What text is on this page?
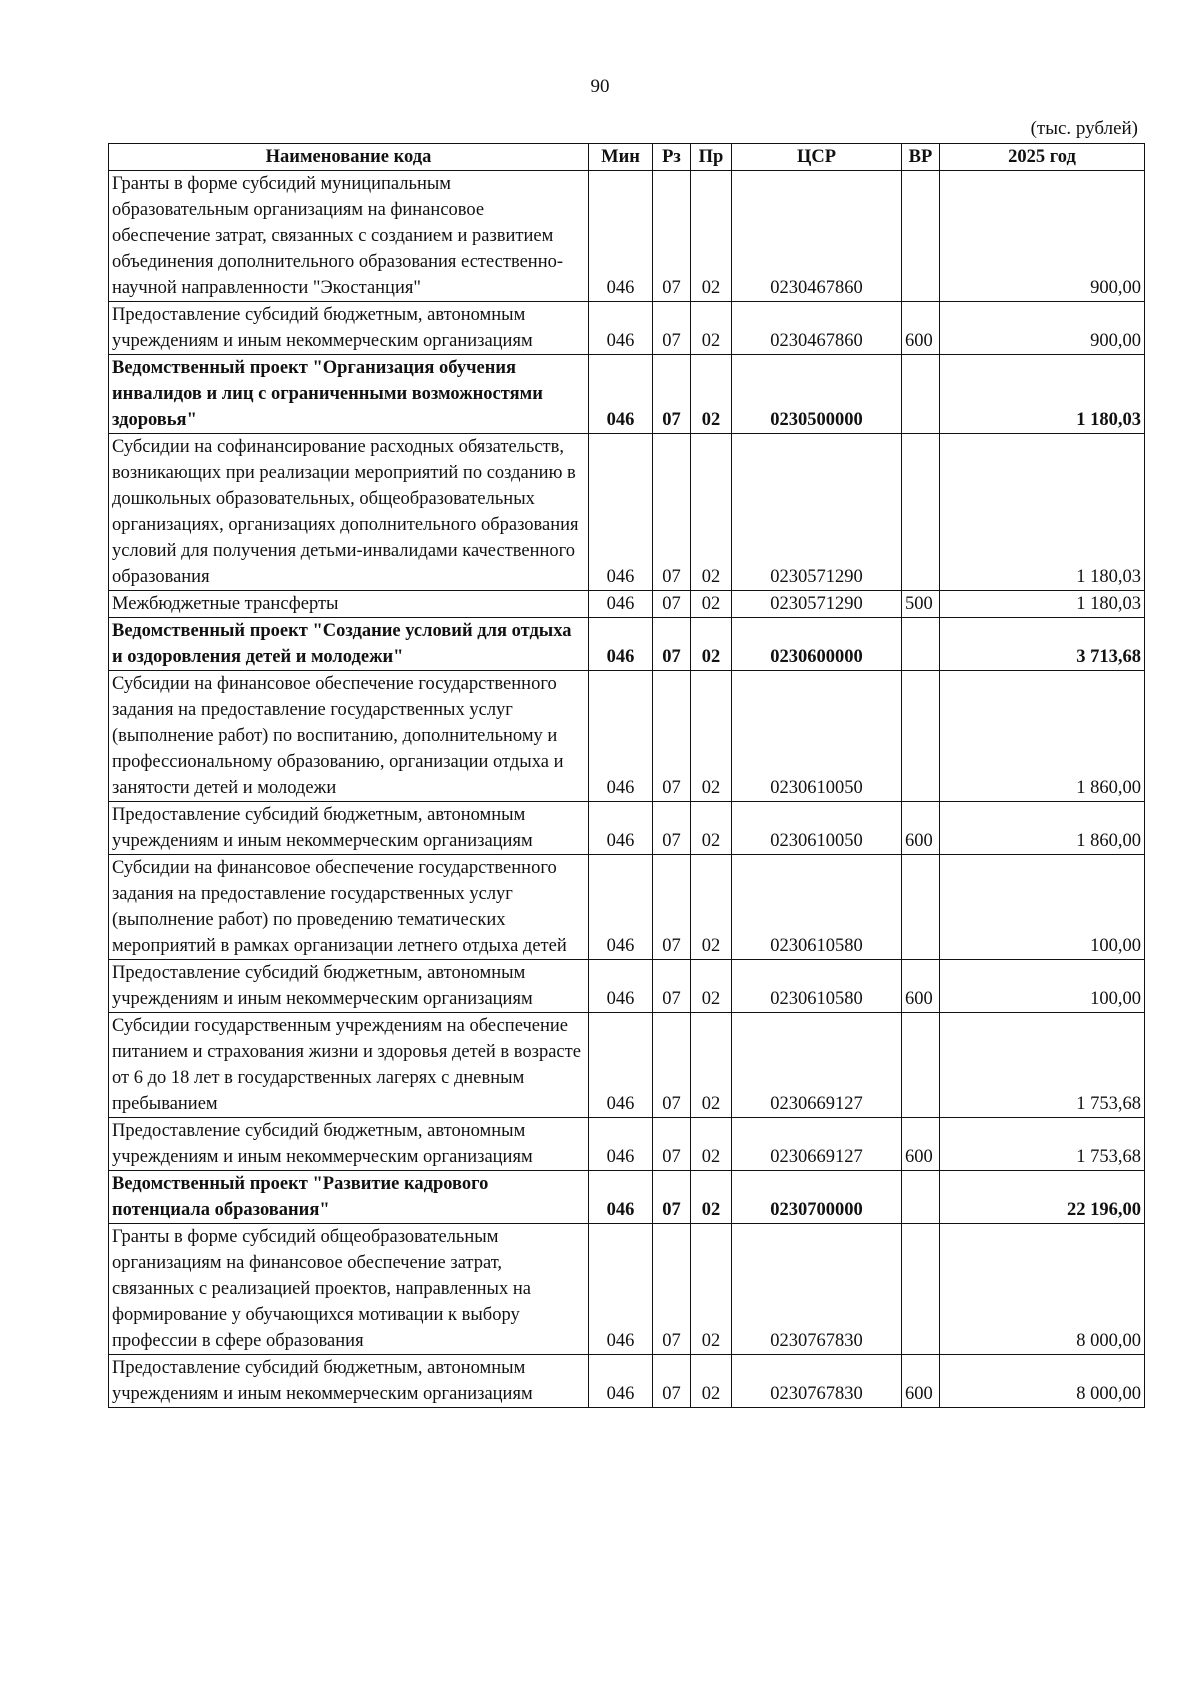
90
(тыс. рублей)
Наименование кода	Мин	Рз	Пр	ЦСР	ВР	2025 год
Гранты в форме субсидий муниципальным образовательным организациям на финансовое обеспечение затрат, связанных с созданием и развитием объединения дополнительного образования естественно-научной направленности "Экостанция"	046	07	02	0230467860		900,00
Предоставление субсидий бюджетным, автономным учреждениям и иным некоммерческим организациям	046	07	02	0230467860	600	900,00
Ведомственный проект "Организация обучения инвалидов и лиц с ограниченными возможностями здоровья"	046	07	02	0230500000		1 180,03
Субсидии на софинансирование расходных обязательств, возникающих при реализации мероприятий по созданию в дошкольных образовательных, общеобразовательных организациях, организациях дополнительного образования условий для получения детьми-инвалидами качественного образования	046	07	02	0230571290		1 180,03
Межбюджетные трансферты	046	07	02	0230571290	500	1 180,03
Ведомственный проект "Создание условий для отдыха и оздоровления детей и молодежи"	046	07	02	0230600000		3 713,68
Субсидии на финансовое обеспечение государственного задания на предоставление государственных услуг (выполнение работ) по воспитанию, дополнительному и профессиональному образованию, организации отдыха и занятости детей и молодежи	046	07	02	0230610050		1 860,00
Предоставление субсидий бюджетным, автономным учреждениям и иным некоммерческим организациям	046	07	02	0230610050	600	1 860,00
Субсидии на финансовое обеспечение государственного задания на предоставление государственных услуг (выполнение работ) по проведению тематических мероприятий в рамках организации летнего отдыха детей	046	07	02	0230610580		100,00
Предоставление субсидий бюджетным, автономным учреждениям и иным некоммерческим организациям	046	07	02	0230610580	600	100,00
Субсидии государственным учреждениям на обеспечение питанием и страхования жизни и здоровья детей в возрасте от 6 до 18 лет в государственных лагерях с дневным пребыванием	046	07	02	0230669127		1 753,68
Предоставление субсидий бюджетным, автономным учреждениям и иным некоммерческим организациям	046	07	02	0230669127	600	1 753,68
Ведомственный проект "Развитие кадрового потенциала образования"	046	07	02	0230700000		22 196,00
Гранты в форме субсидий общеобразовательным организациям на финансовое обеспечение затрат, связанных с реализацией проектов, направленных на формирование у обучающихся мотивации к выбору профессии в сфере образования	046	07	02	0230767830		8 000,00
Предоставление субсидий бюджетным, автономным учреждениям и иным некоммерческим организациям	046	07	02	0230767830	600	8 000,00
